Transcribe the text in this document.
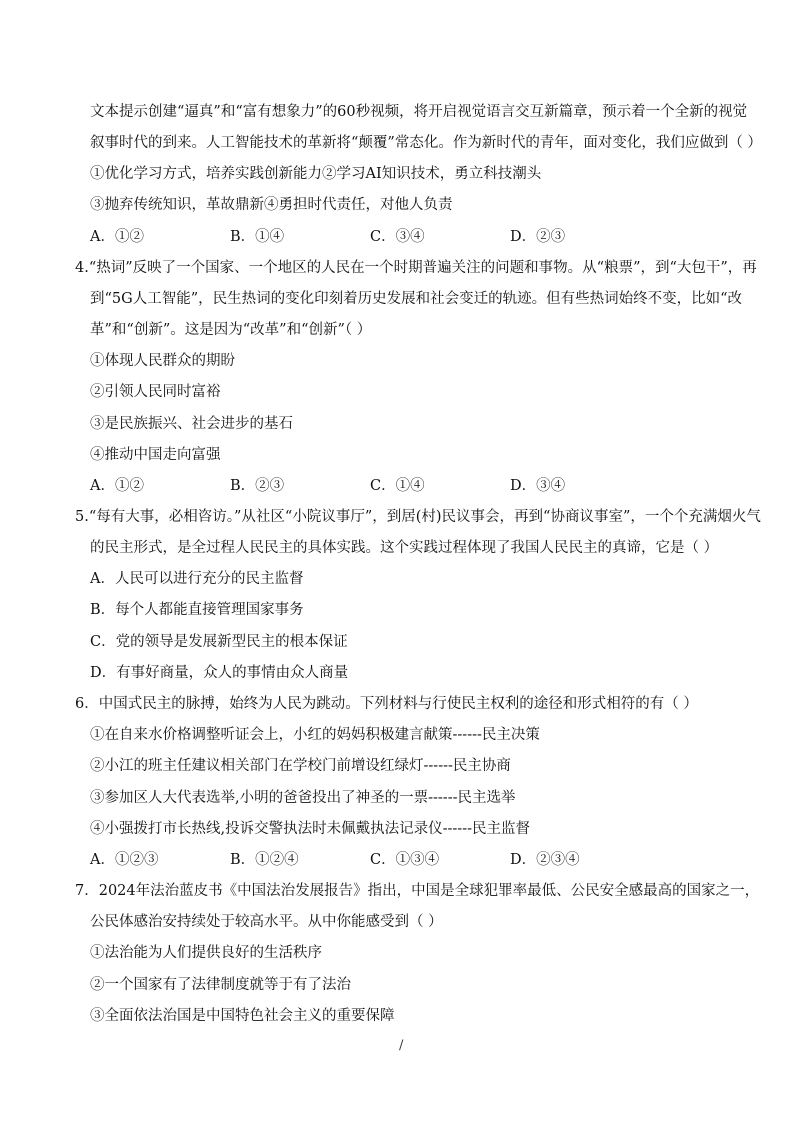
文本提示创建“逼真”和“富有想象力”的60秒视频，将开启视觉语言交互新篇章，预示着一个全新的视觉
叙事时代的到来。人工智能技术的革新将“颠覆”常态化。作为新时代的青年，面对变化，我们应做到（ ）
①优化学习方式，培养实践创新能力②学习AI知识技术，勇立科技潮头
③抛弃传统知识，革故鼎新④勇担时代责任，对他人负责
A．①②	B．①④	C．③④	D．②③
4.“热词”反映了一个国家、一个地区的人民在一个时期普遍关注的问题和事物。从“粮票”，到“大包干”，再
到“5G人工智能”，民生热词的变化印刻着历史发展和社会变迁的轨迹。但有些热词始终不变，比如“改
革”和“创新”。这是因为“改革”和“创新”（ ）
①体现人民群众的期盼
②引领人民同时富裕
③是民族振兴、社会进步的基石
④推动中国走向富强
A．①②	B．②③	C．①④	D．③④
5.“每有大事，必相咨访。”从社区“小院议事厅”，到居(村)民议事会，再到“协商议事室”，一个个充满烟火气
的民主形式，是全过程人民民主的具体实践。这个实践过程体现了我国人民民主的真谛，它是（ ）
A．人民可以进行充分的民主监督
B．每个人都能直接管理国家事务
C．党的领导是发展新型民主的根本保证
D．有事好商量，众人的事情由众人商量
6．中国式民主的脉搏，始终为人民为跳动。下列材料与行使民主权利的途径和形式相符的有（ ）
①在自来水价格调整听证会上，小红的妈妈积极建言献策------民主决策
②小江的班主任建议相关部门在学校门前增设红绿灯------民主协商
③参加区人大代表选举,小明的爸爸投出了神圣的一票------民主选举
④小强拨打市长热线,投诉交警执法时未佩戴执法记录仪------民主监督
A．①②③	B．①②④	C．①③④	D．②③④
7．2024年法治蓝皮书《中国法治发展报告》指出，中国是全球犯罪率最低、公民安全感最高的国家之一，
公民体感治安持续处于较高水平。从中你能感受到（ ）
①法治能为人们提供良好的生活秩序
②一个国家有了法律制度就等于有了法治
③全面依法治国是中国特色社会主义的重要保障
/
